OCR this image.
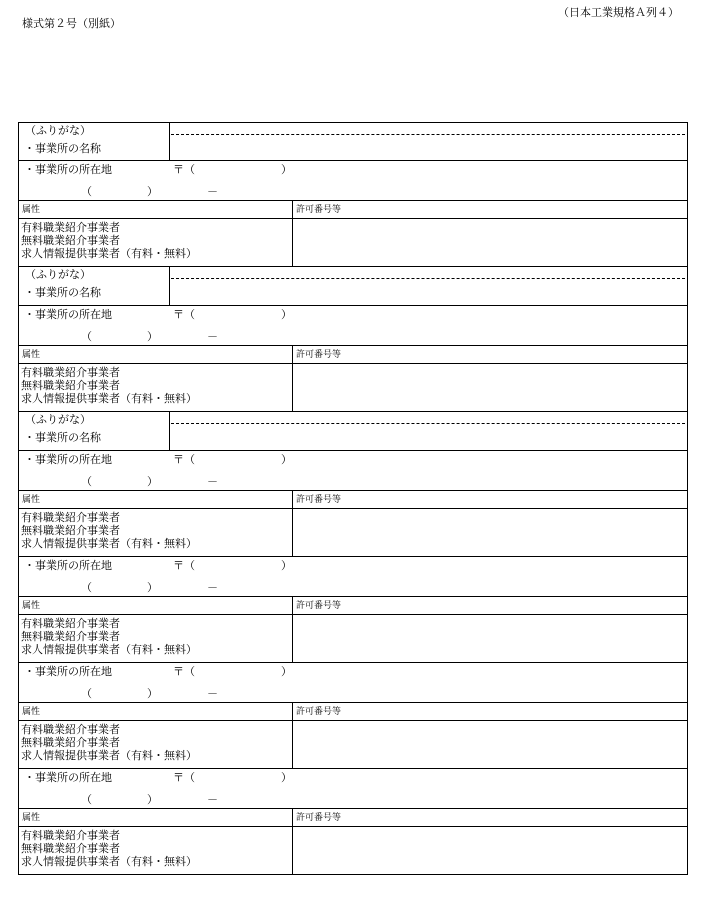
様式第２号（別紙）
（日本工業規格Ａ列４）
（ふりがな）
・事業所の名称
・事業所の所在地	〒（	）
（	）	－
属性	許可番号等
有料職業紹介事業者
無料職業紹介事業者
求人情報提供事業者（有料・無料）
（ふりがな）
・事業所の名称
・事業所の所在地	〒（	）
（	）	－
属性	許可番号等
有料職業紹介事業者
無料職業紹介事業者
求人情報提供事業者（有料・無料）
（ふりがな）
・事業所の名称
・事業所の所在地	〒（	）
（	）	－
属性	許可番号等
有料職業紹介事業者
無料職業紹介事業者
求人情報提供事業者（有料・無料）
・事業所の所在地	〒（	）
（	）	－
属性	許可番号等
有料職業紹介事業者
無料職業紹介事業者
求人情報提供事業者（有料・無料）
・事業所の所在地	〒（	）
（	）	－
属性	許可番号等
有料職業紹介事業者
無料職業紹介事業者
求人情報提供事業者（有料・無料）
・事業所の所在地	〒（	）
（	）	－
属性	許可番号等
有料職業紹介事業者
無料職業紹介事業者
求人情報提供事業者（有料・無料）
